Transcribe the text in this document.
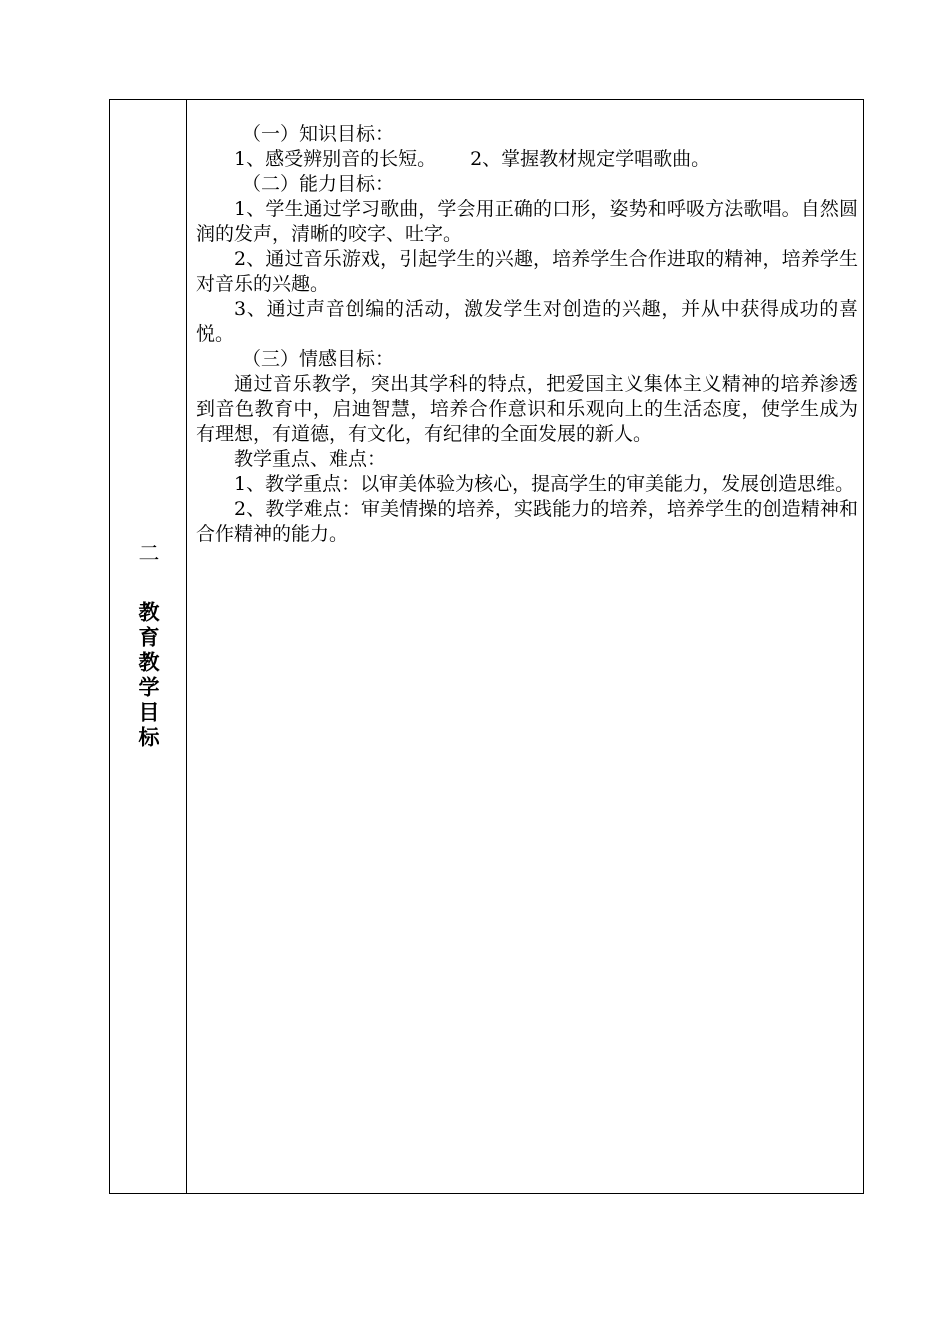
二教育教学目标

（一）知识目标：

1、感受辨别音的长短。 2、掌握教材规定学唱歌曲。

（二）能力目标：

1、学生通过学习歌曲，学会用正确的口形，姿势和呼吸方法歌唱。自然圆润的发声，清晰的咬字、吐字。

2、通过音乐游戏，引起学生的兴趣，培养学生合作进取的精神，培养学生对音乐的兴趣。

3、通过声音创编的活动，激发学生对创造的兴趣，并从中获得成功的喜悦。

（三）情感目标：

通过音乐教学，突出其学科的特点，把爱国主义集体主义精神的培养渗透到音色教育中，启迪智慧，培养合作意识和乐观向上的生活态度，使学生成为有理想，有道德，有文化，有纪律的全面发展的新人。

教学重点、难点：

1、教学重点：以审美体验为核心，提高学生的审美能力，发展创造思维。

2、教学难点：审美情操的培养，实践能力的培养，培养学生的创造精神和合作精神的能力。
